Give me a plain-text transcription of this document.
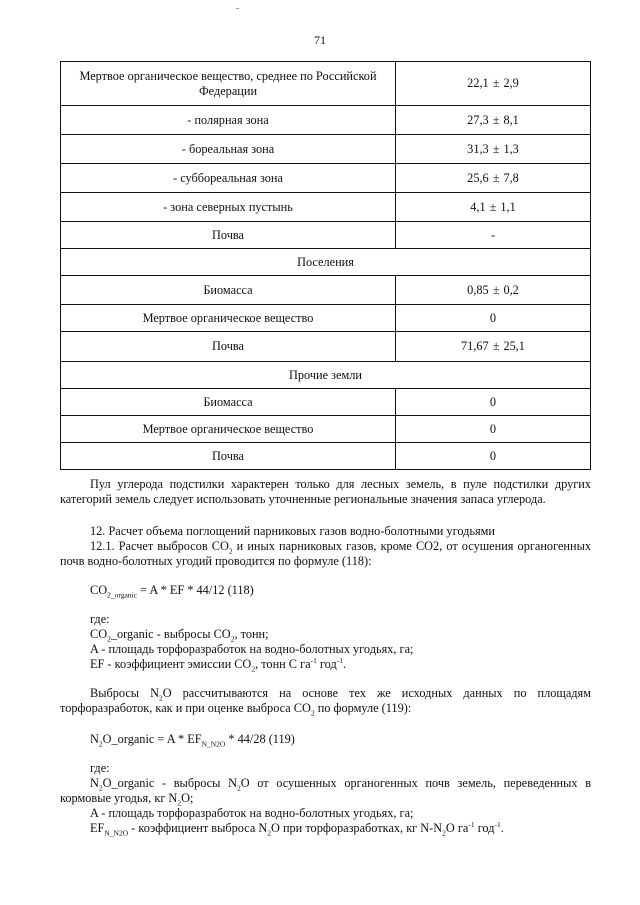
71
Мертвое органическое вещество, среднее по Российской Федерации	22,1 ± 2,9
- полярная зона	27,3 ± 8,1
- бореальная зона	31,3 ± 1,3
- суббореальная зона	25,6 ± 7,8
- зона северных пустынь	4,1 ± 1,1
Почва	-
Поселения	
Биомасса	0,85 ± 0,2
Мертвое органическое вещество	0
Почва	71,67 ± 25,1
Прочие земли	
Биомасса	0
Мертвое органическое вещество	0
Почва	0

Пул углерода подстилки характерен только для лесных земель, в пуле подстилки других категорий земель следует использовать уточненные региональные значения запаса углерода.

12. Расчет объема поглощений парниковых газов водно-болотными угодьями

12.1. Расчет выбросов $CO_2$ и иных парниковых газов, кроме CO2, от осушения органогенных почв водно-болотных угодий проводится по формуле (118):

$CO_{2\_organic} = A$ * EF * 44/12 (118)

где:

$CO_2\_organic$ - выбросы $CO_2$, тонн;

A - площадь торфоразработок на водно-болотных угодьях, га;

EF - коэффициент эмиссии $CO_2$, тонн C $га^{-1}$ год$^{-1}$.

Выбросы $N_2O$ рассчитываются на основе тех же исходных данных по площадям торфоразработок, как и при оценке выброса $CO_2$ по формуле (119):

$N_2O\_organic = A * EF_{N\_N2O} * 44/28$ (119)

где:

$N_2O\_organic$ - выбросы $N_2O$ от осушенных органогенных почв земель, переведенных в кормовые угодья, кг $N_2O$;

A - площадь торфоразработок на водно-болотных угодьях, га;

$EF_{N\_N2O}$ - коэффициент выброса $N_2O$ при торфоразработках, кг $N-N_2O$ $га^{-1}$ год$^{-1}$.
